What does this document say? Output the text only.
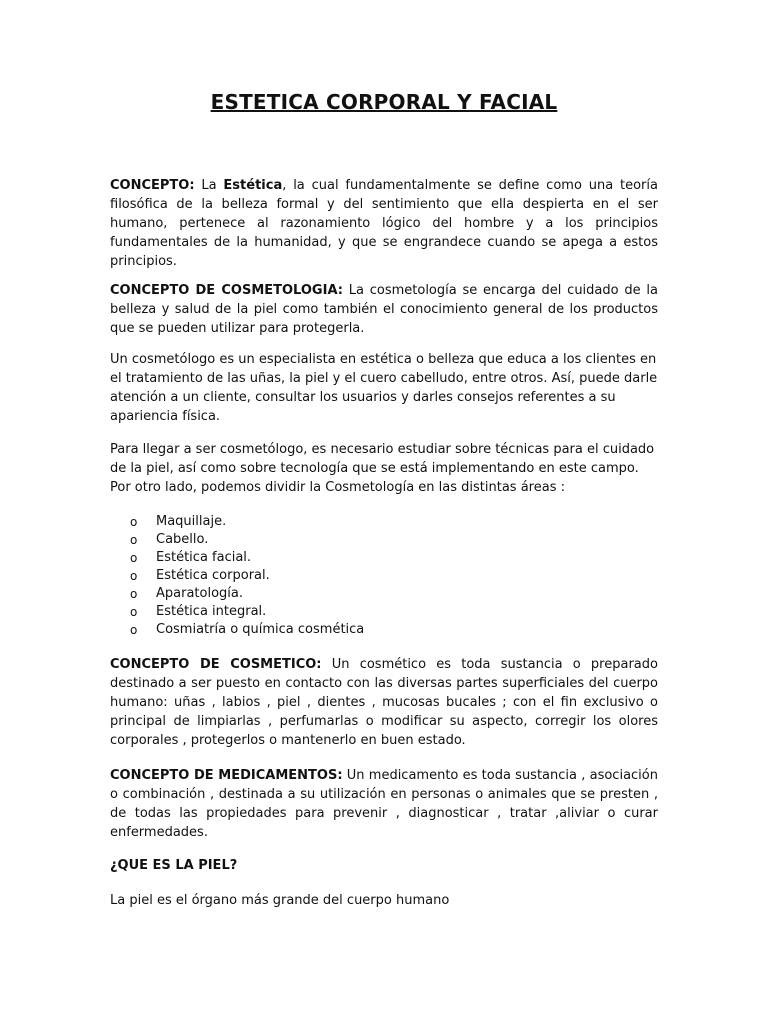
ESTETICA CORPORAL Y FACIAL

CONCEPTO: La Estética, la cual fundamentalmente se define como una teoría filosófica de la belleza formal y del sentimiento que ella despierta en el ser humano, pertenece al razonamiento lógico del hombre y a los principios fundamentales de la humanidad, y que se engrandece cuando se apega a estos principios.

CONCEPTO DE COSMETOLOGIA: La cosmetología se encarga del cuidado de la belleza y salud de la piel como también el conocimiento general de los productos que se pueden utilizar para protegerla.

Un cosmetólogo es un especialista en estética o belleza que educa a los clientes en el tratamiento de las uñas, la piel y el cuero cabelludo, entre otros. Así, puede darle atención a un cliente, consultar los usuarios y darles consejos referentes a su apariencia física.

Para llegar a ser cosmetólogo, es necesario estudiar sobre técnicas para el cuidado de la piel, así como sobre tecnología que se está implementando en este campo. Por otro lado, podemos dividir la Cosmetología en las distintas áreas :

o Maquillaje.
o Cabello.
o Estética facial.
o Estética corporal.
o Aparatología.
o Estética integral.
o Cosmiatría o química cosmética

CONCEPTO DE COSMETICO: Un cosmético es toda sustancia o preparado destinado a ser puesto en contacto con las diversas partes superficiales del cuerpo humano: uñas , labios , piel , dientes , mucosas bucales ; con el fin exclusivo o principal de limpiarlas , perfumarlas o modificar su aspecto, corregir los olores corporales , protegerlos o mantenerlo en buen estado.

CONCEPTO DE MEDICAMENTOS: Un medicamento es toda sustancia , asociación o combinación , destinada a su utilización en personas o animales que se presten , de todas las propiedades para prevenir , diagnosticar , tratar ,aliviar o curar enfermedades.

¿QUE ES LA PIEL?

La piel es el órgano más grande del cuerpo humano
